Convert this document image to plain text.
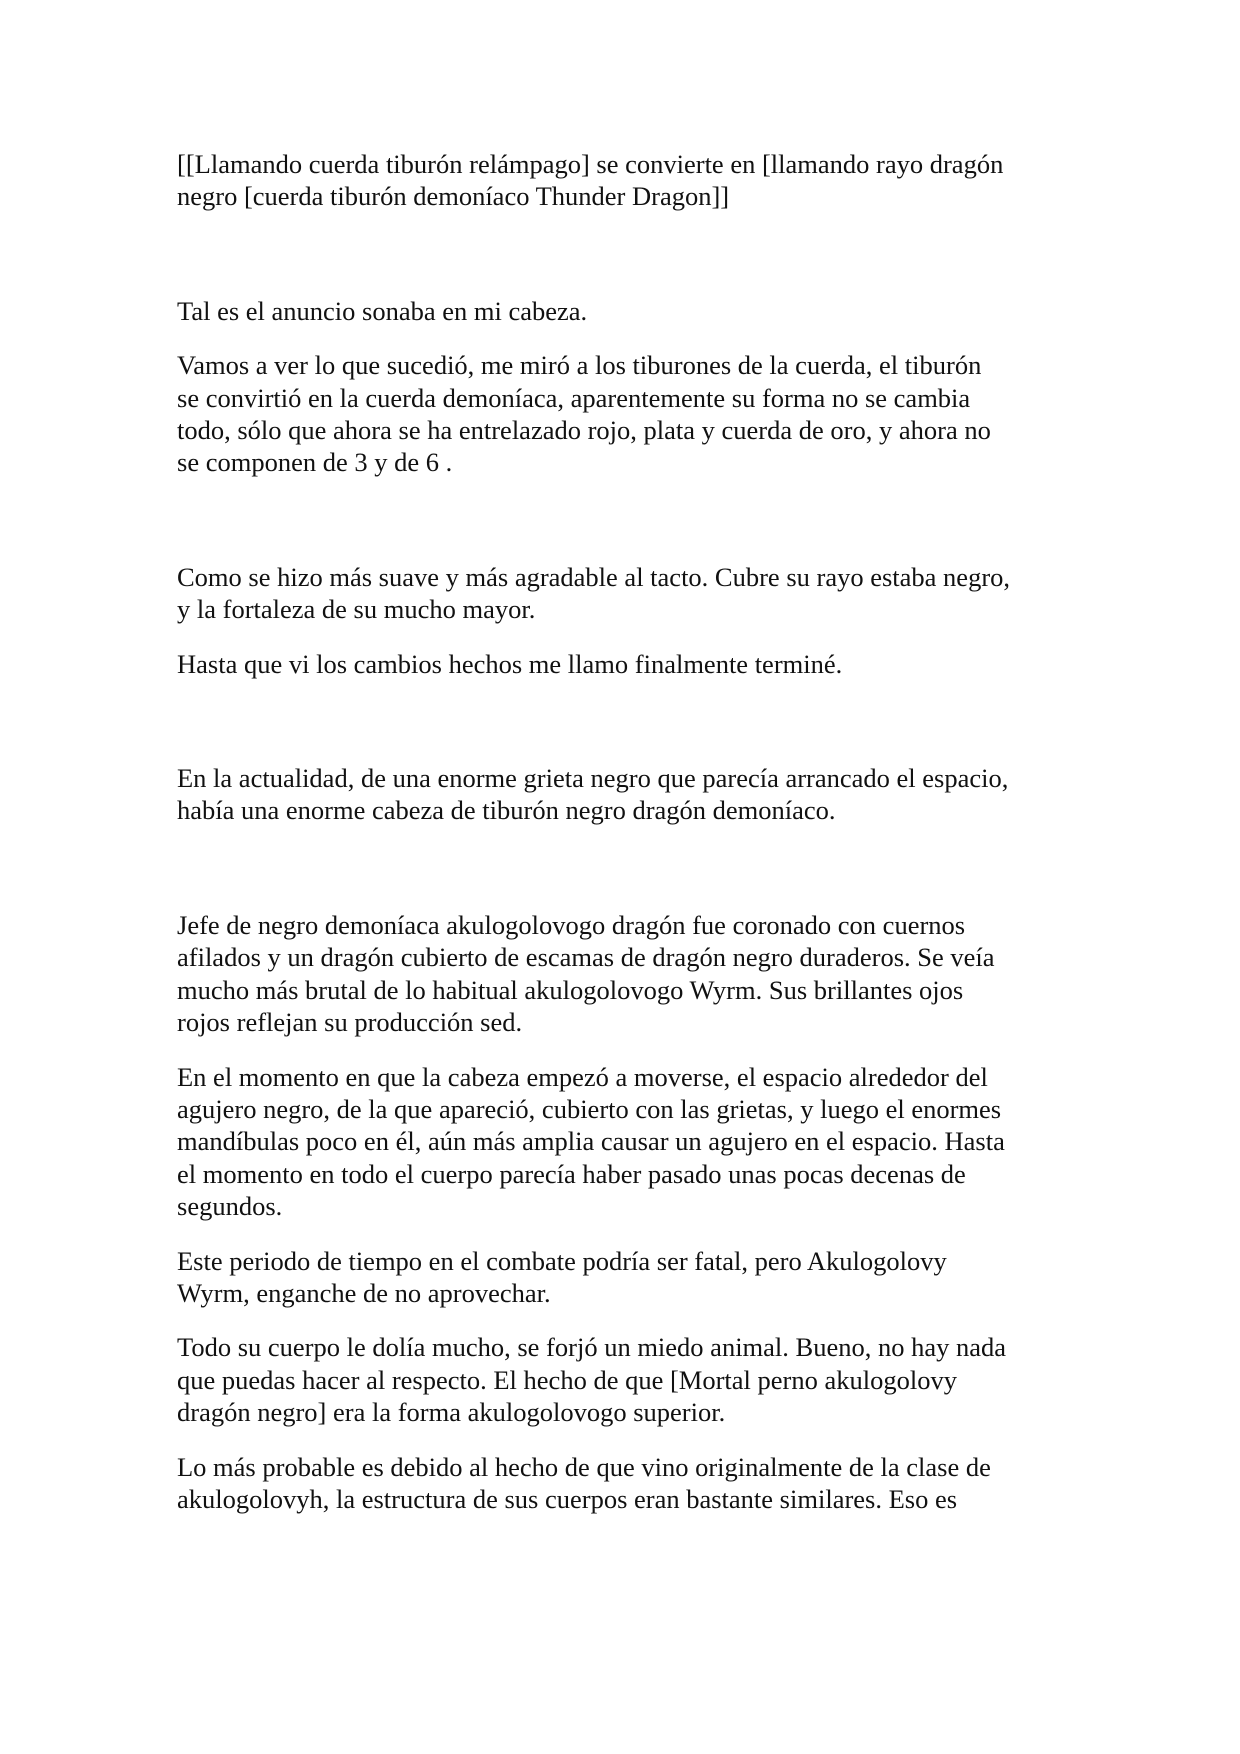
[[Llamando cuerda tiburón relámpago] se convierte en [llamando rayo dragón
negro [cuerda tiburón demoníaco Thunder Dragon]]

Tal es el anuncio sonaba en mi cabeza.

Vamos a ver lo que sucedió, me miró a los tiburones de la cuerda, el tiburón
se convirtió en la cuerda demoníaca, aparentemente su forma no se cambia
todo, sólo que ahora se ha entrelazado rojo, plata y cuerda de oro, y ahora no
se componen de 3 y de 6 .

Como se hizo más suave y más agradable al tacto. Cubre su rayo estaba negro,
y la fortaleza de su mucho mayor.

Hasta que vi los cambios hechos me llamo finalmente terminé.

En la actualidad, de una enorme grieta negro que parecía arrancado el espacio,
había una enorme cabeza de tiburón negro dragón demoníaco.

Jefe de negro demoníaca akulogolovogo dragón fue coronado con cuernos
afilados y un dragón cubierto de escamas de dragón negro duraderos. Se veía
mucho más brutal de lo habitual akulogolovogo Wyrm. Sus brillantes ojos
rojos reflejan su producción sed.

En el momento en que la cabeza empezó a moverse, el espacio alrededor del
agujero negro, de la que apareció, cubierto con las grietas, y luego el enormes
mandíbulas poco en él, aún más amplia causar un agujero en el espacio. Hasta
el momento en todo el cuerpo parecía haber pasado unas pocas decenas de
segundos.

Este periodo de tiempo en el combate podría ser fatal, pero Akulogolovy
Wyrm, enganche de no aprovechar.

Todo su cuerpo le dolía mucho, se forjó un miedo animal. Bueno, no hay nada
que puedas hacer al respecto. El hecho de que [Mortal perno akulogolovy
dragón negro] era la forma akulogolovogo superior.

Lo más probable es debido al hecho de que vino originalmente de la clase de
akulogolovyh, la estructura de sus cuerpos eran bastante similares. Eso es
